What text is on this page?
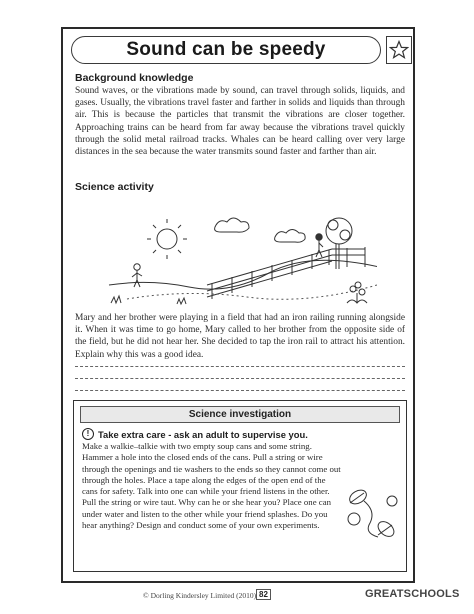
Sound can be speedy
Background knowledge
Sound waves, or the vibrations made by sound, can travel through solids, liquids, and gases. Usually, the vibrations travel faster and farther in solids and liquids than through air. This is because the particles that transmit the vibrations are closer together. Approaching trains can be heard from far away because the vibrations travel quickly through the solid metal railroad tracks. Whales can be heard calling over very large distances in the sea because the water transmits sound faster and farther than air.
Science activity
Mary and her brother were playing in a field that had an iron railing running alongside it. When it was time to go home, Mary called to her brother from the opposite side of the field, but he did not hear her. She decided to tap the iron rail to attract his attention. Explain why this was a good idea.
Science investigation
! Take extra care - ask an adult to supervise you.
Make a walkie–talkie with two empty soup cans and some string. Hammer a hole into the closed ends of the cans. Pull a string or wire through the openings and tie washers to the ends so they cannot come out through the holes. Place a tape along the edges of the open end of the cans for safety. Talk into one can while your friend listens in the other. Pull the string or wire taut. Why can he or she hear you? Place one can under water and listen to the other while your friend splashes. Do you hear anything? Design and conduct some of your own experiments.
© Dorling Kindersley Limited (2010) 82	GREATSCHOOLS
